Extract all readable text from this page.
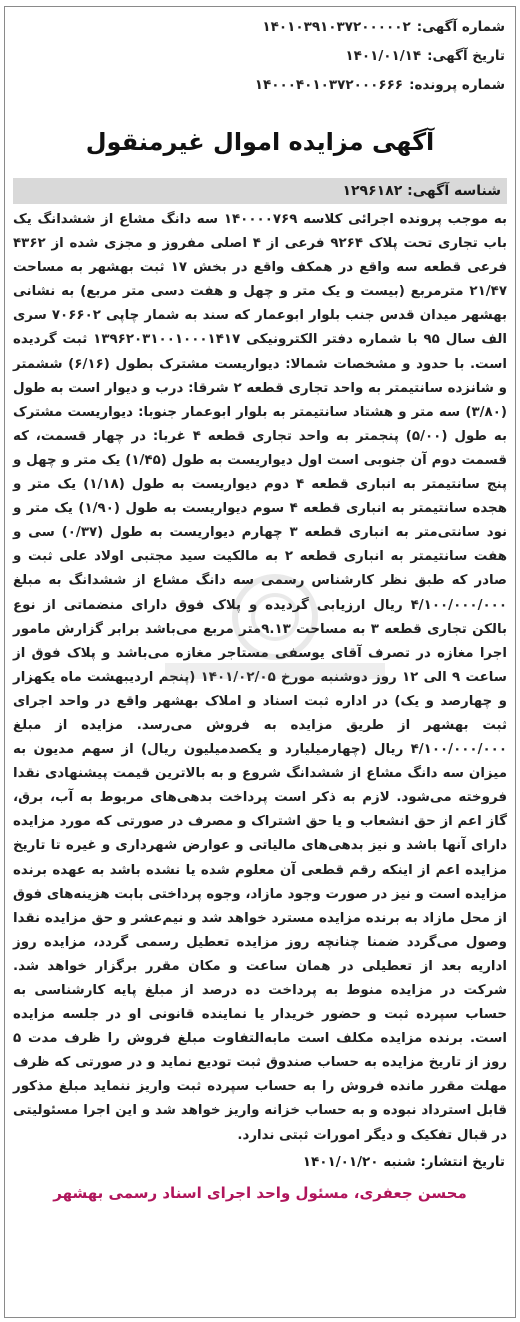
شماره آگهی:
۱۴۰۱۰۳۹۱۰۳۷۲۰۰۰۰۰۲
تاریخ آگهی:
۱۴۰۱/۰۱/۱۴
شماره پرونده:
۱۴۰۰۰۴۰۱۰۳۷۲۰۰۰۶۶۶
آگهی مزایده اموال غیرمنقول
شناسه آگهی: ۱۲۹۶۱۸۲
به موجب پرونده اجرائی کلاسه ۱۴۰۰۰۰۷۶۹ سه دانگ مشاع از ششدانگ یک باب تجاری تحت پلاک ۹۲۶۴ فرعی از ۴ اصلی مفروز و مجزی شده از ۴۳۶۲ فرعی قطعه سه واقع در همکف واقع در بخش ۱۷ ثبت بهشهر به مساحت ۲۱/۴۷ مترمربع (بیست و یک متر و چهل و هفت دسی متر مربع) به نشانی بهشهر میدان قدس جنب بلوار ابوعمار که سند به شمار چاپی ۷۰۶۶۰۲ سری الف سال ۹۵ با شماره دفتر الکترونیکی ۱۳۹۶۲۰۳۱۰۰۱۰۰۰۱۴۱۷ ثبت گردیده است. با حدود و مشخصات شمالا: دیواریست مشترک بطول (۶/۱۶) ششمتر و شانزده سانتیمتر به واحد تجاری قطعه ۲ شرقا: درب و دیوار است به طول (۳/۸۰) سه متر و هشتاد سانتیمتر به بلوار ابوعمار جنوبا: دیواریست مشترک به طول (۵/۰۰) پنجمتر به واحد تجاری قطعه ۴ غربا: در چهار قسمت، که قسمت دوم آن جنوبی است اول دیواریست به طول (۱/۴۵) یک متر و چهل و پنج سانتیمتر به انباری قطعه ۴ دوم دیواریست به طول (۱/۱۸) یک متر و هجده سانتیمتر به انباری قطعه ۴ سوم دیواریست به طول (۱/۹۰) یک متر و نود سانتی‌متر به انباری قطعه ۳ چهارم دیواریست به طول (۰/۳۷) سی و هفت سانتیمتر به انباری قطعه ۲ به مالکیت سید مجتبی اولاد علی ثبت و صادر که طبق نظر کارشناس رسمی سه دانگ مشاع از ششدانگ به مبلغ ۴/۱۰۰/۰۰۰/۰۰۰ ریال ارزیابی گردیده و پلاک فوق دارای منضماتی از نوع بالکن تجاری قطعه ۳ به مساحت ۹.۱۳متر مربع می‌باشد برابر گزارش مامور اجرا مغازه در تصرف آقای یوسفی مستاجر مغازه می‌باشد و پلاک فوق از ساعت ۹ الی ۱۲ روز دوشنبه مورخ ۱۴۰۱/۰۲/۰۵ (پنجم اردیبهشت ماه یکهزار و چهارصد و یک) در اداره ثبت اسناد و املاک بهشهر واقع در واحد اجرای ثبت بهشهر از طریق مزایده به فروش می‌رسد. مزایده از مبلغ ۴/۱۰۰/۰۰۰/۰۰۰ ریال (چهارمیلیارد و یکصدمیلیون ریال) از سهم مدیون به میزان سه دانگ مشاع از ششدانگ شروع و به بالاترین قیمت پیشنهادی نقدا فروخته می‌شود. لازم به ذکر است پرداخت بدهی‌های مربوط به آب، برق، گاز اعم از حق انشعاب و یا حق اشتراک و مصرف در صورتی که مورد مزایده دارای آنها باشد و نیز بدهی‌های مالیاتی و عوارض شهرداری و غیره تا تاریخ مزایده اعم از اینکه رقم قطعی آن معلوم شده یا نشده باشد به عهده برنده مزایده است و نیز در صورت وجود مازاد، وجوه پرداختی بابت هزینه‌های فوق از محل مازاد به برنده مزایده مسترد خواهد شد و نیم‌عشر و حق مزایده نقدا وصول می‌گردد ضمنا چنانچه روز مزایده تعطیل رسمی گردد، مزایده روز اداریه بعد از تعطیلی در همان ساعت و مکان مقرر برگزار خواهد شد. شرکت در مزایده منوط به پرداخت ده درصد از مبلغ پایه کارشناسی به حساب سپرده ثبت و حضور خریدار یا نماینده قانونی او در جلسه مزایده است. برنده مزایده مکلف است مابه‌التفاوت مبلغ فروش را ظرف مدت ۵ روز از تاریخ مزایده به حساب صندوق ثبت تودیع نماید و در صورتی که ظرف مهلت مقرر مانده فروش را به حساب سپرده ثبت واریز ننماید مبلغ مذکور قابل استرداد نبوده و به حساب خزانه واریز خواهد شد و این اجرا مسئولیتی در قبال تفکیک و دیگر امورات ثبتی ندارد.
تاریخ انتشار: شنبه ۱۴۰۱/۰۱/۲۰
محسن جعفری، مسئول واحد اجرای اسناد رسمی بهشهر
